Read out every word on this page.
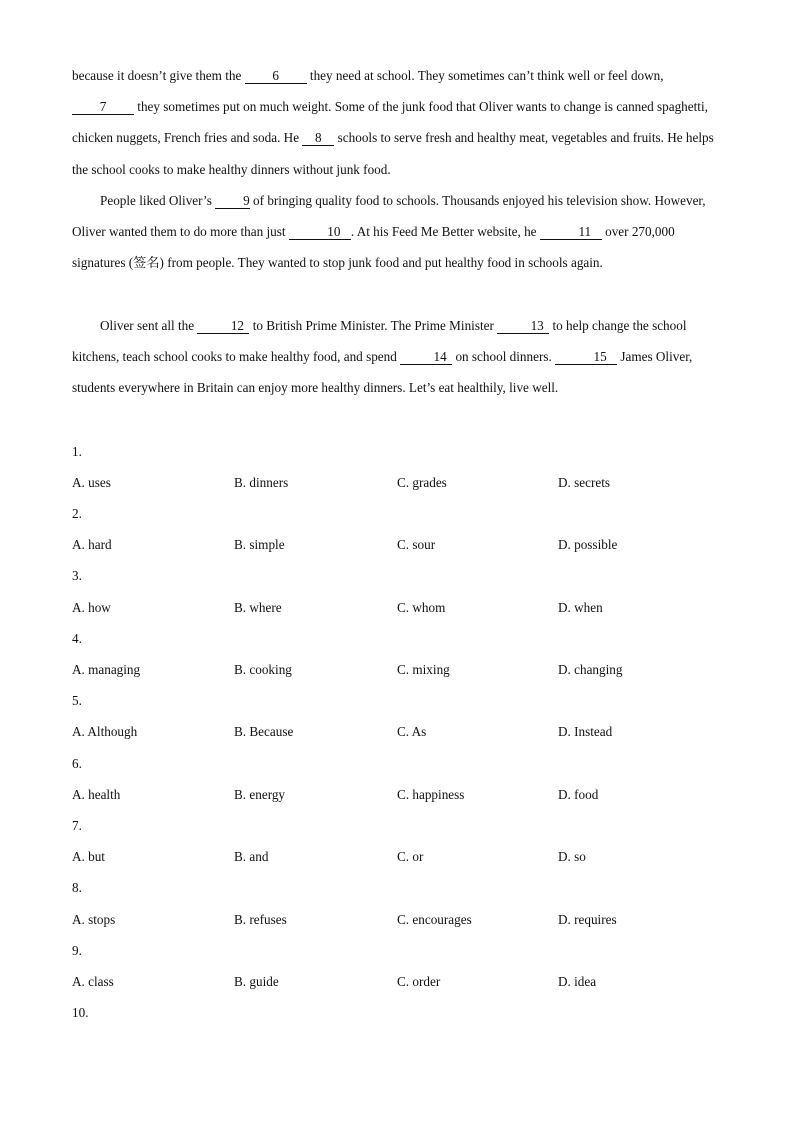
because it doesn’t give them the 6 they need at school. They sometimes can’t think well or feel down, 7 they sometimes put on much weight. Some of the junk food that Oliver wants to change is canned spaghetti, chicken nuggets, French fries and soda. He 8 schools to serve fresh and healthy meat, vegetables and fruits. He helps the school cooks to make healthy dinners without junk food.

People liked Oliver’s 9 of bringing quality food to schools. Thousands enjoyed his television show. However, Oliver wanted them to do more than just	10 . At his Feed Me Better website, he	11 over 270,000 signatures (签名) from people. They wanted to stop junk food and put healthy food in schools again.

Oliver sent all the	12 to British Prime Minister. The Prime Minister	13 to help change the school kitchens, teach school cooks to make healthy food, and spend	14 on school dinners.	15 James Oliver, students everywhere in Britain can enjoy more healthy dinners. Let’s eat healthily, live well.

1.
A. uses	B. dinners	C. grades	D. secrets
2.
A. hard	B. simple	C. sour	D. possible
3.
A. how	B. where	C. whom	D. when
4.
A. managing	B. cooking	C. mixing	D. changing
5.
A. Although	B. Because	C. As	D. Instead
6.
A. health	B. energy	C. happiness	D. food
7.
A. but	B. and	C. or	D. so
8.
A. stops	B. refuses	C. encourages	D. requires
9.
A. class	B. guide	C. order	D. idea
10.
